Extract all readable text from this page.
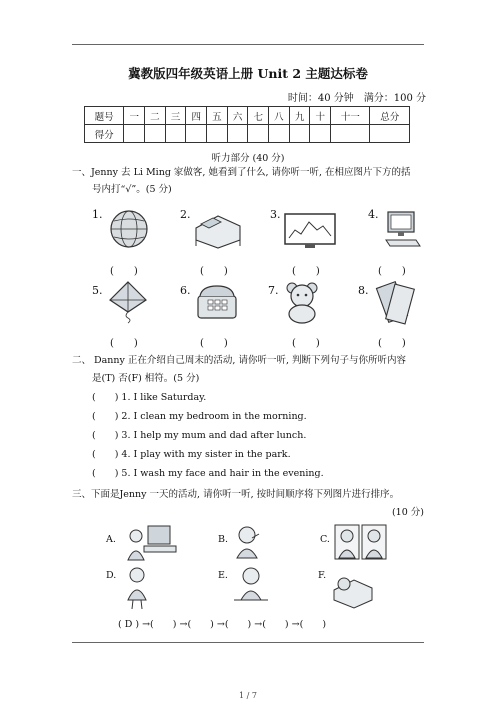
冀教版四年级英语上册 Unit 2 主题达标卷
时间：40 分钟　满分：100 分
题号	一	二	三	四	五	六	七	八	九	十	十一	总分
得分												
听力部分 (40 分)
一、Jenny 去 Li Ming 家做客, 她看到了什么, 请你听一听, 在相应图片下方的括
号内打“√”。(5 分)
1.	2.	3.	4.
(　　)	(　　)	(　　)	(　　)
5.	6.	7.	8.
(　　)	(　　)	(　　)	(　　)
二、 Danny 正在介绍自己周末的活动, 请你听一听, 判断下列句子与你所听内容
是(T) 否(F) 相符。(5 分)
(　　) 1. I like Saturday.
(　　) 2. I clean my bedroom in the morning.
(　　) 3. I help my mum and dad after lunch.
(　　) 4. I play with my sister in the park.
(　　) 5. I wash my face and hair in the evening.
三、下面是Jenny 一天的活动, 请你听一听, 按时间顺序将下列图片进行排序。
(10 分)
A.	B.	C.
D.	E.	F.
( D ) →(　　) →(　　) →(　　) →(　　) →(　　)
1 / 7
